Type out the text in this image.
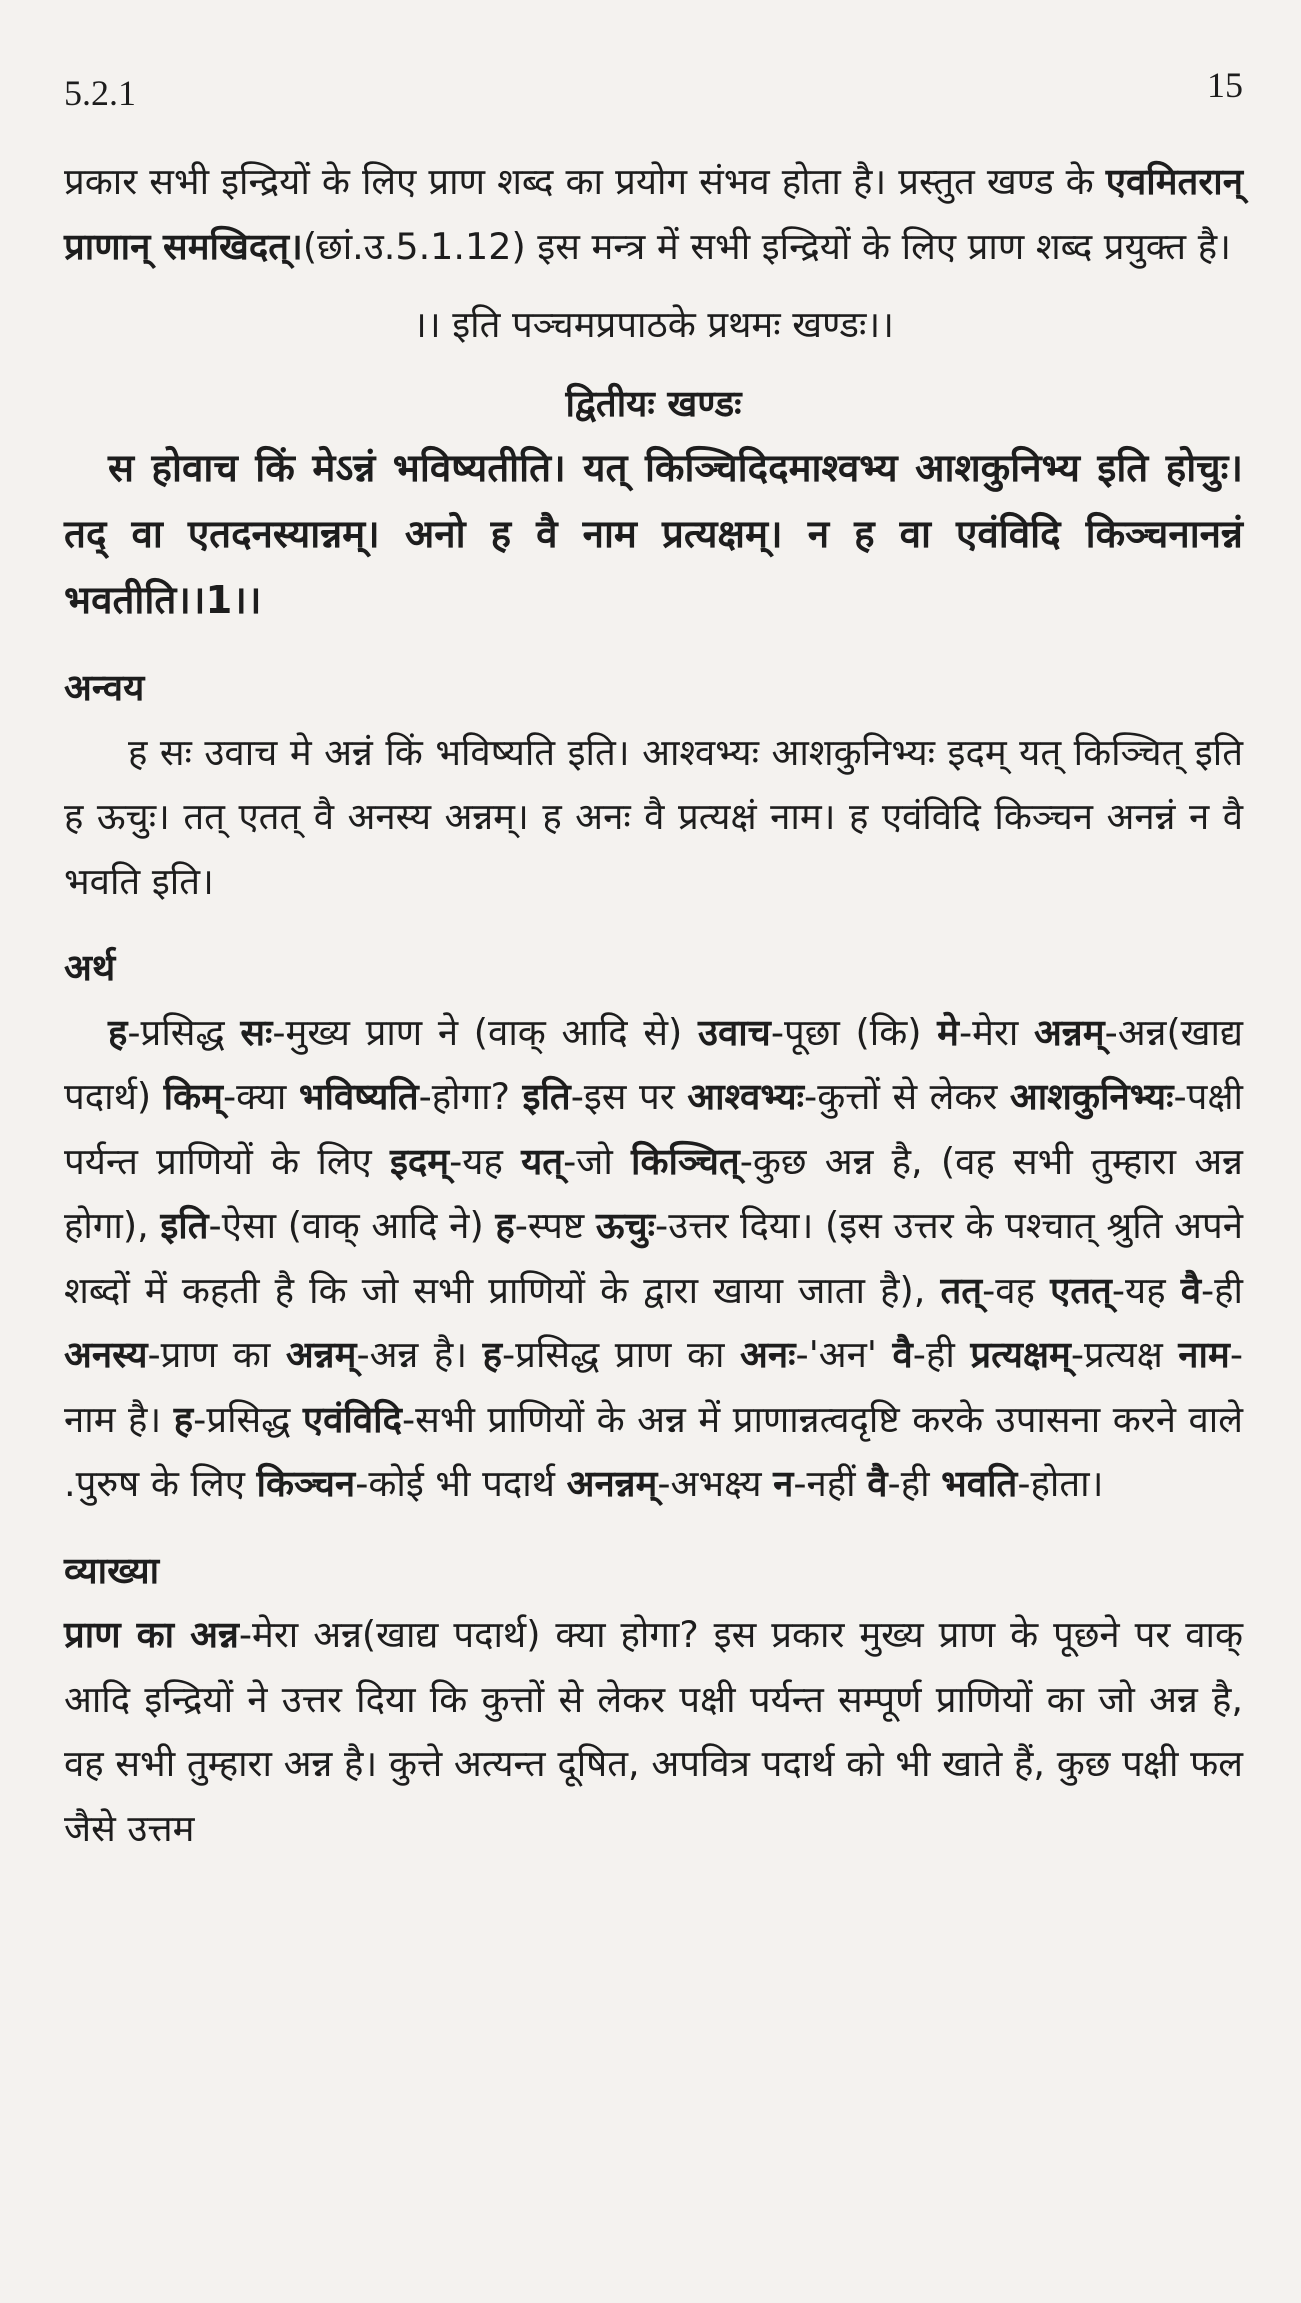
5.2.1	15

प्रकार सभी इन्द्रियों के लिए प्राण शब्द का प्रयोग संभव होता है। प्रस्तुत खण्ड के एवमितरान् प्राणान् समखिदत्।(छां.उ.5.1.12) इस मन्त्र में सभी इन्द्रियों के लिए प्राण शब्द प्रयुक्त है।

।। इति पञ्चमप्रपाठके प्रथमः खण्डः।।

द्वितीयः खण्डः

स होवाच किं मेऽन्नं भविष्यतीति। यत् किञ्चिदिदमाश्वभ्य आशकुनिभ्य इति होचुः। तद् वा एतदनस्यान्नम्। अनो ह वै नाम प्रत्यक्षम्। न ह वा एवंविदि किञ्चनानन्नं भवतीति।।1।।

अन्वय

ह सः उवाच मे अन्नं किं भविष्यति इति। आश्वभ्यः आशकुनिभ्यः इदम् यत् किञ्चित् इति ह ऊचुः। तत् एतत् वै अनस्य अन्नम्। ह अनः वै प्रत्यक्षं नाम। ह एवंविदि किञ्चन अनन्नं न वै भवति इति।

अर्थ

ह-प्रसिद्ध सः-मुख्य प्राण ने (वाक् आदि से) उवाच-पूछा (कि) मे-मेरा अन्नम्-अन्न(खाद्य पदार्थ) किम्-क्या भविष्यति-होगा? इति-इस पर आश्वभ्यः-कुत्तों से लेकर आशकुनिभ्यः-पक्षी पर्यन्त प्राणियों के लिए इदम्-यह यत्-जो किञ्चित्-कुछ अन्न है, (वह सभी तुम्हारा अन्न होगा), इति-ऐसा (वाक् आदि ने) ह-स्पष्ट ऊचुः-उत्तर दिया। (इस उत्तर के पश्चात् श्रुति अपने शब्दों में कहती है कि जो सभी प्राणियों के द्वारा खाया जाता है), तत्-वह एतत्-यह वै-ही अनस्य-प्राण का अन्नम्-अन्न है। ह-प्रसिद्ध प्राण का अनः-'अन' वै-ही प्रत्यक्षम्-प्रत्यक्ष नाम-नाम है। ह-प्रसिद्ध एवंविदि-सभी प्राणियों के अन्न में प्राणान्नत्वदृष्टि करके उपासना करने वाले .पुरुष के लिए किञ्चन-कोई भी पदार्थ अनन्नम्-अभक्ष्य न-नहीं वै-ही भवति-होता।

व्याख्या

प्राण का अन्न-मेरा अन्न(खाद्य पदार्थ) क्या होगा? इस प्रकार मुख्य प्राण के पूछने पर वाक् आदि इन्द्रियों ने उत्तर दिया कि कुत्तों से लेकर पक्षी पर्यन्त सम्पूर्ण प्राणियों का जो अन्न है, वह सभी तुम्हारा अन्न है। कुत्ते अत्यन्त दूषित, अपवित्र पदार्थ को भी खाते हैं, कुछ पक्षी फल जैसे उत्तम
